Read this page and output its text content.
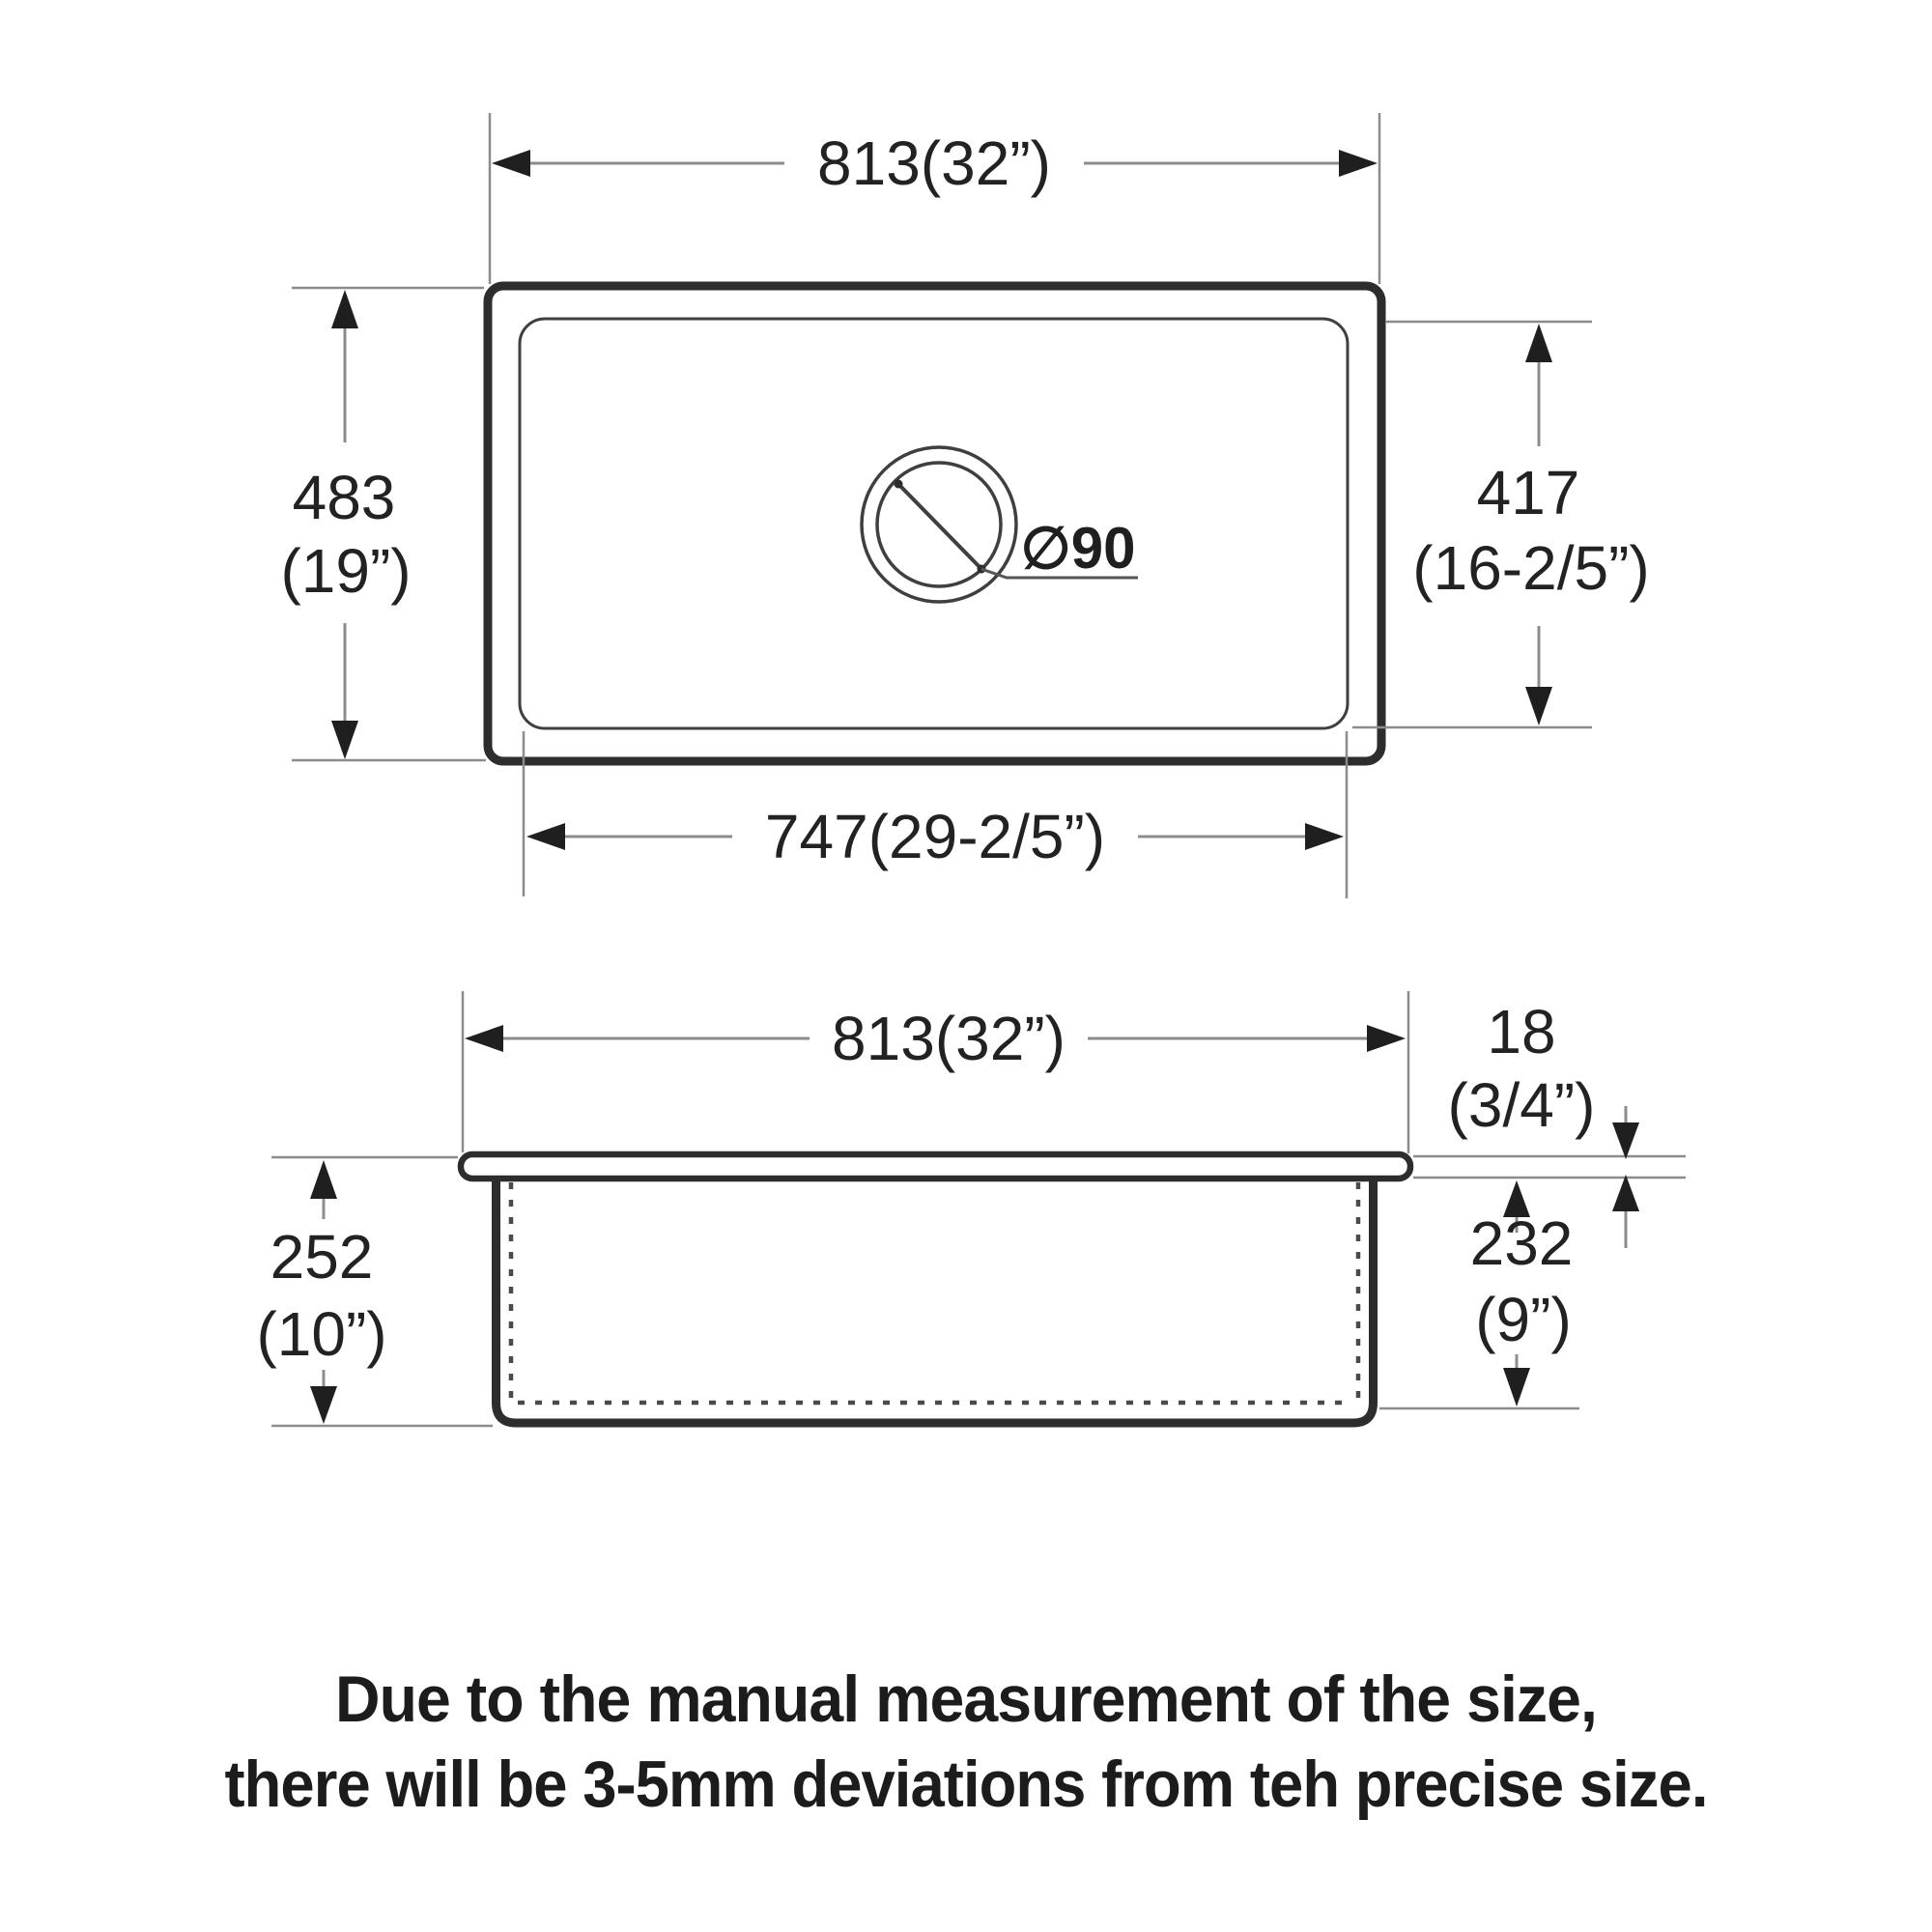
∅90
813(32”)
483
(19”)
417
(16-2/5”)
747(29-2/5”)
813(32”)	18
(3/4”)
232
(9”)
252
(10”)
Due to the manual measurement of the size,
there will be 3-5mm deviations from teh precise size.
